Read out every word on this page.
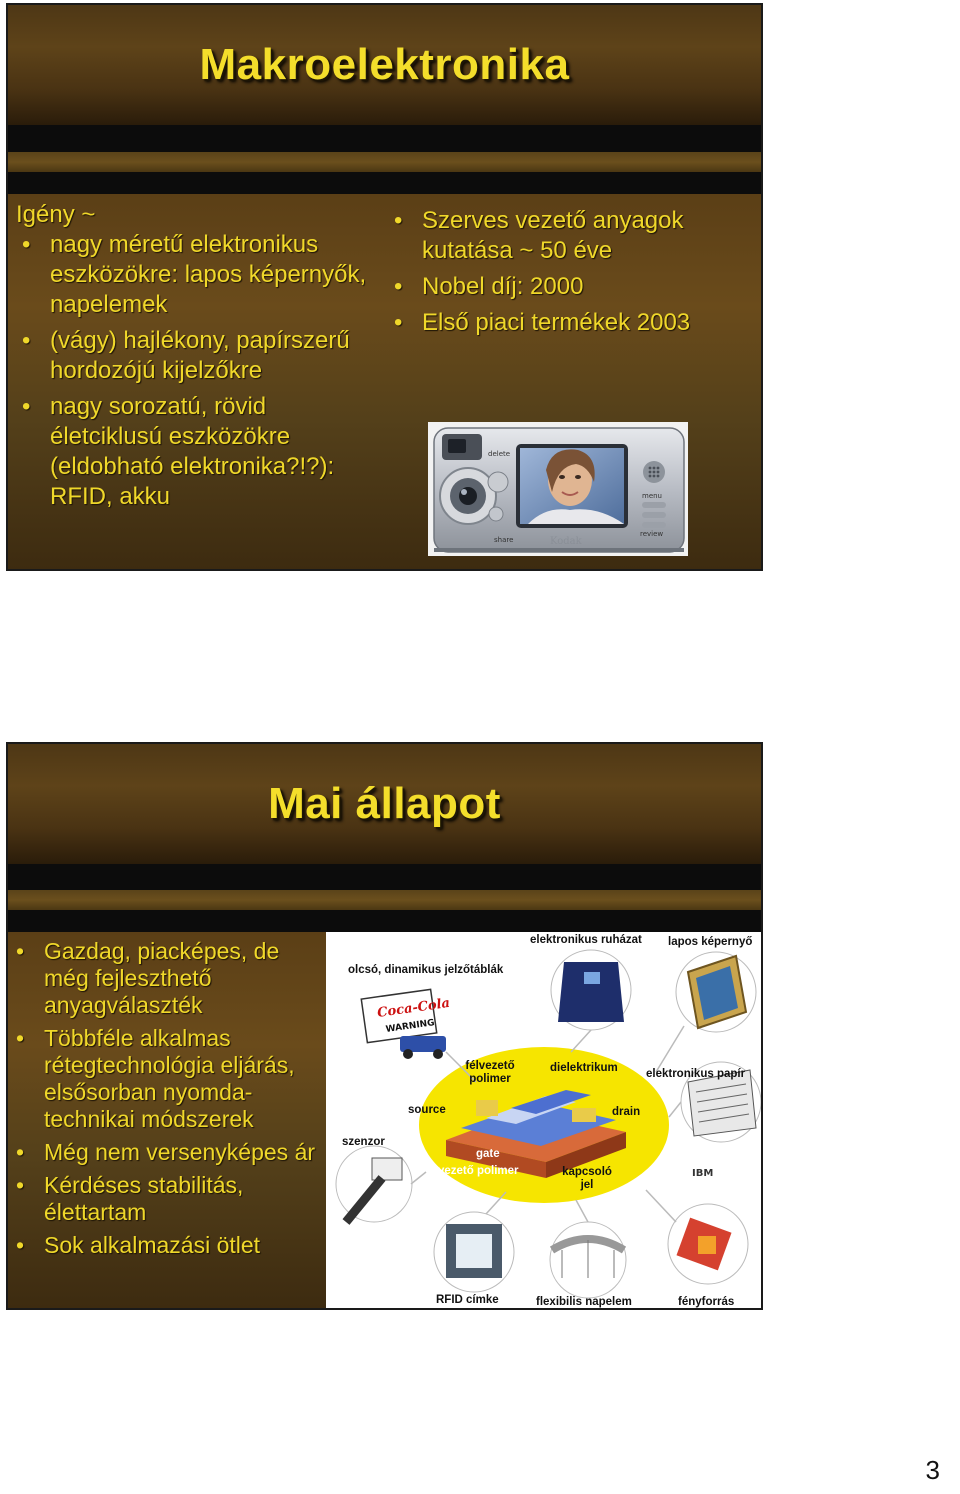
Makroelektronika
Igény ~
• nagy méretű elektronikus eszközökre: lapos képernyők, napelemek
• (vágy) hajlékony, papírszerű hordozójú kijelzőkre
• nagy sorozatú, rövid életciklusú eszközökre (eldobható elektronika?!?): RFID, akku
• Szerves vezető anyagok kutatása ~ 50 éve
• Nobel díj: 2000
• Első piaci termékek 2003
delete
share	Kodak
menu
review
Mai állapot
• Gazdag, piacképes, de még fejleszthető anyagválaszték
• Többféle alkalmas rétegtechnológia eljárás, elsősorban nyomda-technikai módszerek
• Még nem versenyképes ár
• Kérdéses stabilitás, élettartam
• Sok alkalmazási ötlet
Coca-Cola
WARNING
IBM
elektronikus ruházat lapos képernyő
olcsó, dinamikus jelzőtáblák
félvezető polimer
dielektrikum elektronikus papír
source	drain
szenzor
gate
vezető polimer	kapcsoló jel
RFID címke	flexibilis napelem	fényforrás
3
